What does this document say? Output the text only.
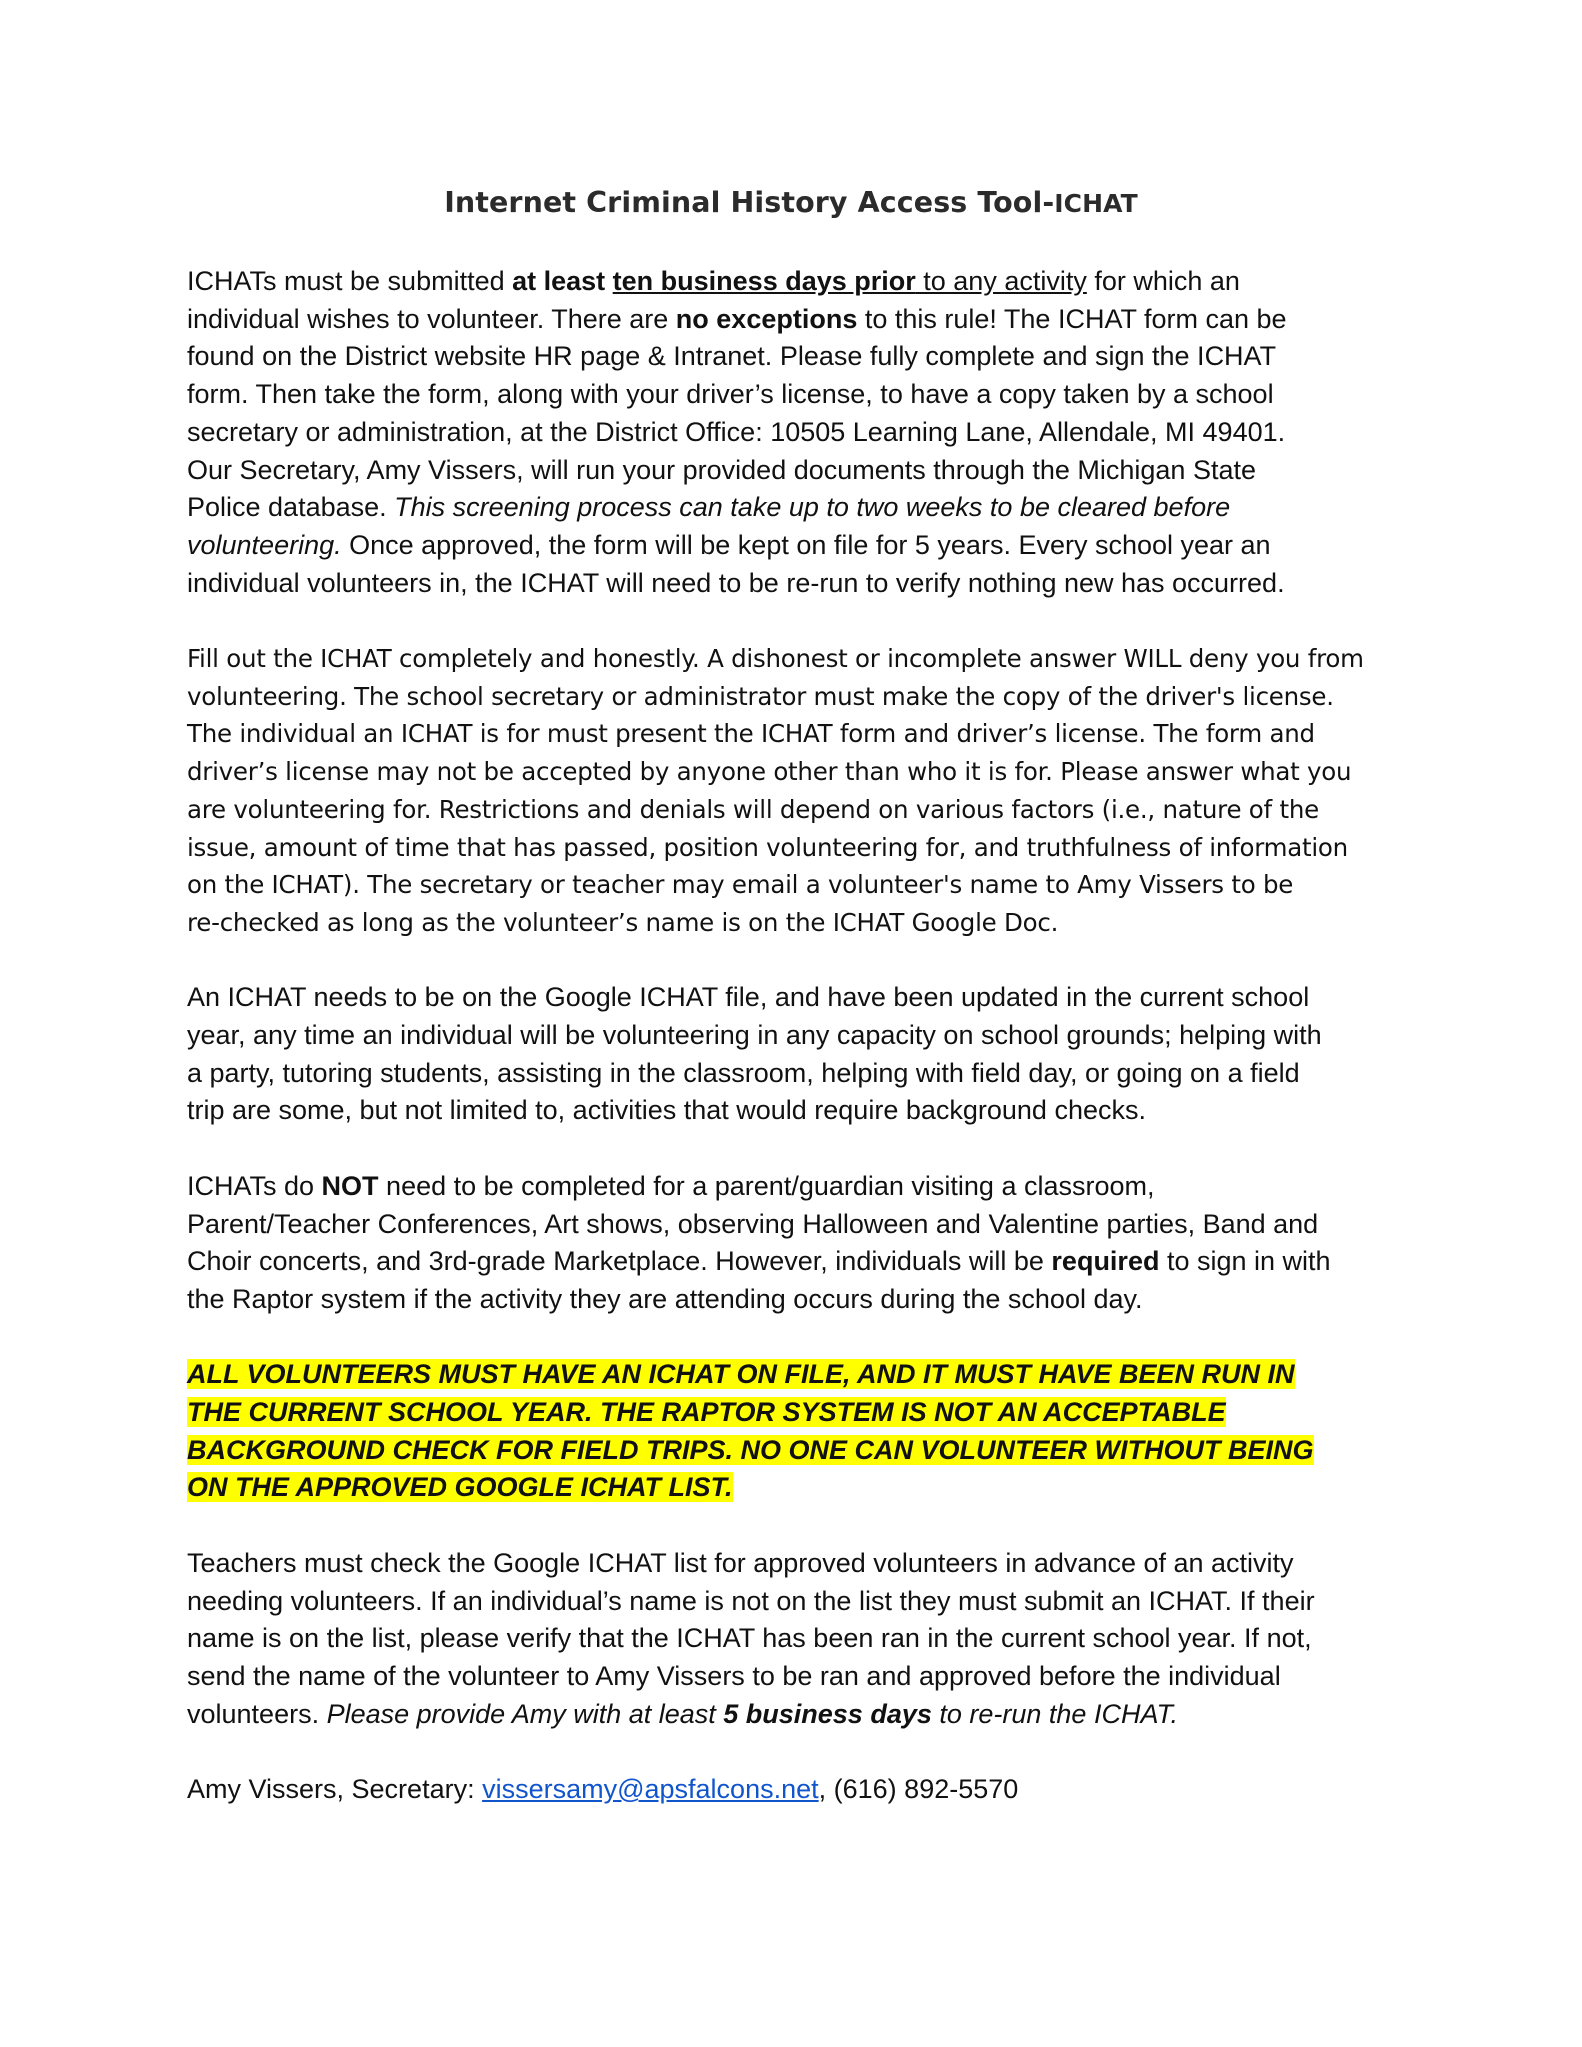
Internet Criminal History Access Tool-ICHAT

ICHATs must be submitted at least ten business days prior to any activity for which an
individual wishes to volunteer. There are no exceptions to this rule! The ICHAT form can be
found on the District website HR page & Intranet. Please fully complete and sign the ICHAT
form. Then take the form, along with your driver’s license, to have a copy taken by a school
secretary or administration, at the District Office: 10505 Learning Lane, Allendale, MI 49401.
Our Secretary, Amy Vissers, will run your provided documents through the Michigan State
Police database. This screening process can take up to two weeks to be cleared before
volunteering. Once approved, the form will be kept on file for 5 years. Every school year an
individual volunteers in, the ICHAT will need to be re-run to verify nothing new has occurred.

Fill out the ICHAT completely and honestly. A dishonest or incomplete answer WILL deny you from
volunteering. The school secretary or administrator must make the copy of the driver's license.
The individual an ICHAT is for must present the ICHAT form and driver’s license. The form and
driver’s license may not be accepted by anyone other than who it is for. Please answer what you
are volunteering for. Restrictions and denials will depend on various factors (i.e., nature of the
issue, amount of time that has passed, position volunteering for, and truthfulness of information
on the ICHAT). The secretary or teacher may email a volunteer's name to Amy Vissers to be
re-checked as long as the volunteer’s name is on the ICHAT Google Doc.

An ICHAT needs to be on the Google ICHAT file, and have been updated in the current school
year, any time an individual will be volunteering in any capacity on school grounds; helping with
a party, tutoring students, assisting in the classroom, helping with field day, or going on a field
trip are some, but not limited to, activities that would require background checks.

ICHATs do NOT need to be completed for a parent/guardian visiting a classroom,
Parent/Teacher Conferences, Art shows, observing Halloween and Valentine parties, Band and
Choir concerts, and 3rd-grade Marketplace. However, individuals will be required to sign in with
the Raptor system if the activity they are attending occurs during the school day.

ALL VOLUNTEERS MUST HAVE AN ICHAT ON FILE, AND IT MUST HAVE BEEN RUN IN
THE CURRENT SCHOOL YEAR. THE RAPTOR SYSTEM IS NOT AN ACCEPTABLE
BACKGROUND CHECK FOR FIELD TRIPS. NO ONE CAN VOLUNTEER WITHOUT BEING
ON THE APPROVED GOOGLE ICHAT LIST.

Teachers must check the Google ICHAT list for approved volunteers in advance of an activity
needing volunteers. If an individual’s name is not on the list they must submit an ICHAT. If their
name is on the list, please verify that the ICHAT has been ran in the current school year. If not,
send the name of the volunteer to Amy Vissers to be ran and approved before the individual
volunteers. Please provide Amy with at least 5 business days to re-run the ICHAT.

Amy Vissers, Secretary: vissersamy@apsfalcons.net, (616) 892-5570
